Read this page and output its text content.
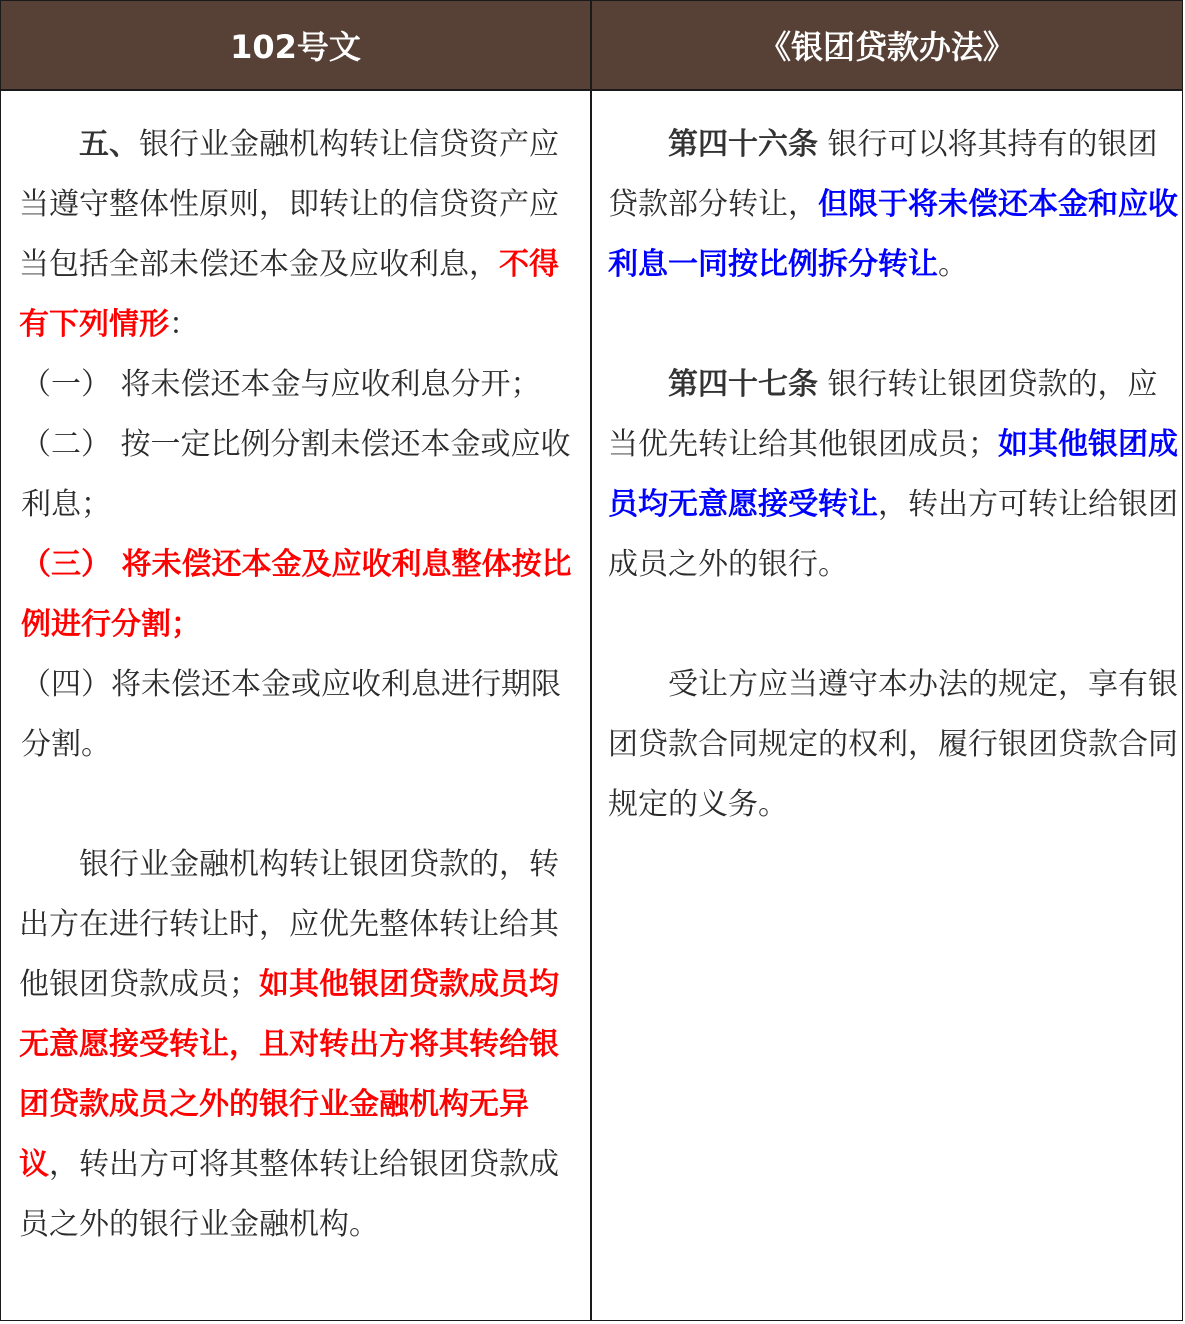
102号文	《银团贷款办法》

五、银行业金融机构转让信贷资产应当遵守整体性原则，即转让的信贷资产应当包括全部未偿还本金及应收利息，不得有下列情形：

（一） 将未偿还本金与应收利息分开；

（二） 按一定比例分割未偿还本金或应收利息；

（三） 将未偿还本金及应收利息整体按比例进行分割；

（四）将未偿还本金或应收利息进行期限分割。

银行业金融机构转让银团贷款的，转出方在进行转让时，应优先整体转让给其他银团贷款成员；如其他银团贷款成员均无意愿接受转让，且对转出方将其转给银团贷款成员之外的银行业金融机构无异议，转出方可将其整体转让给银团贷款成员之外的银行业金融机构。

第四十六条 银行可以将其持有的银团贷款部分转让，但限于将未偿还本金和应收利息一同按比例拆分转让。

第四十七条 银行转让银团贷款的，应当优先转让给其他银团成员；如其他银团成员均无意愿接受转让，转出方可转让给银团成员之外的银行。

受让方应当遵守本办法的规定，享有银团贷款合同规定的权利，履行银团贷款合同规定的义务。
